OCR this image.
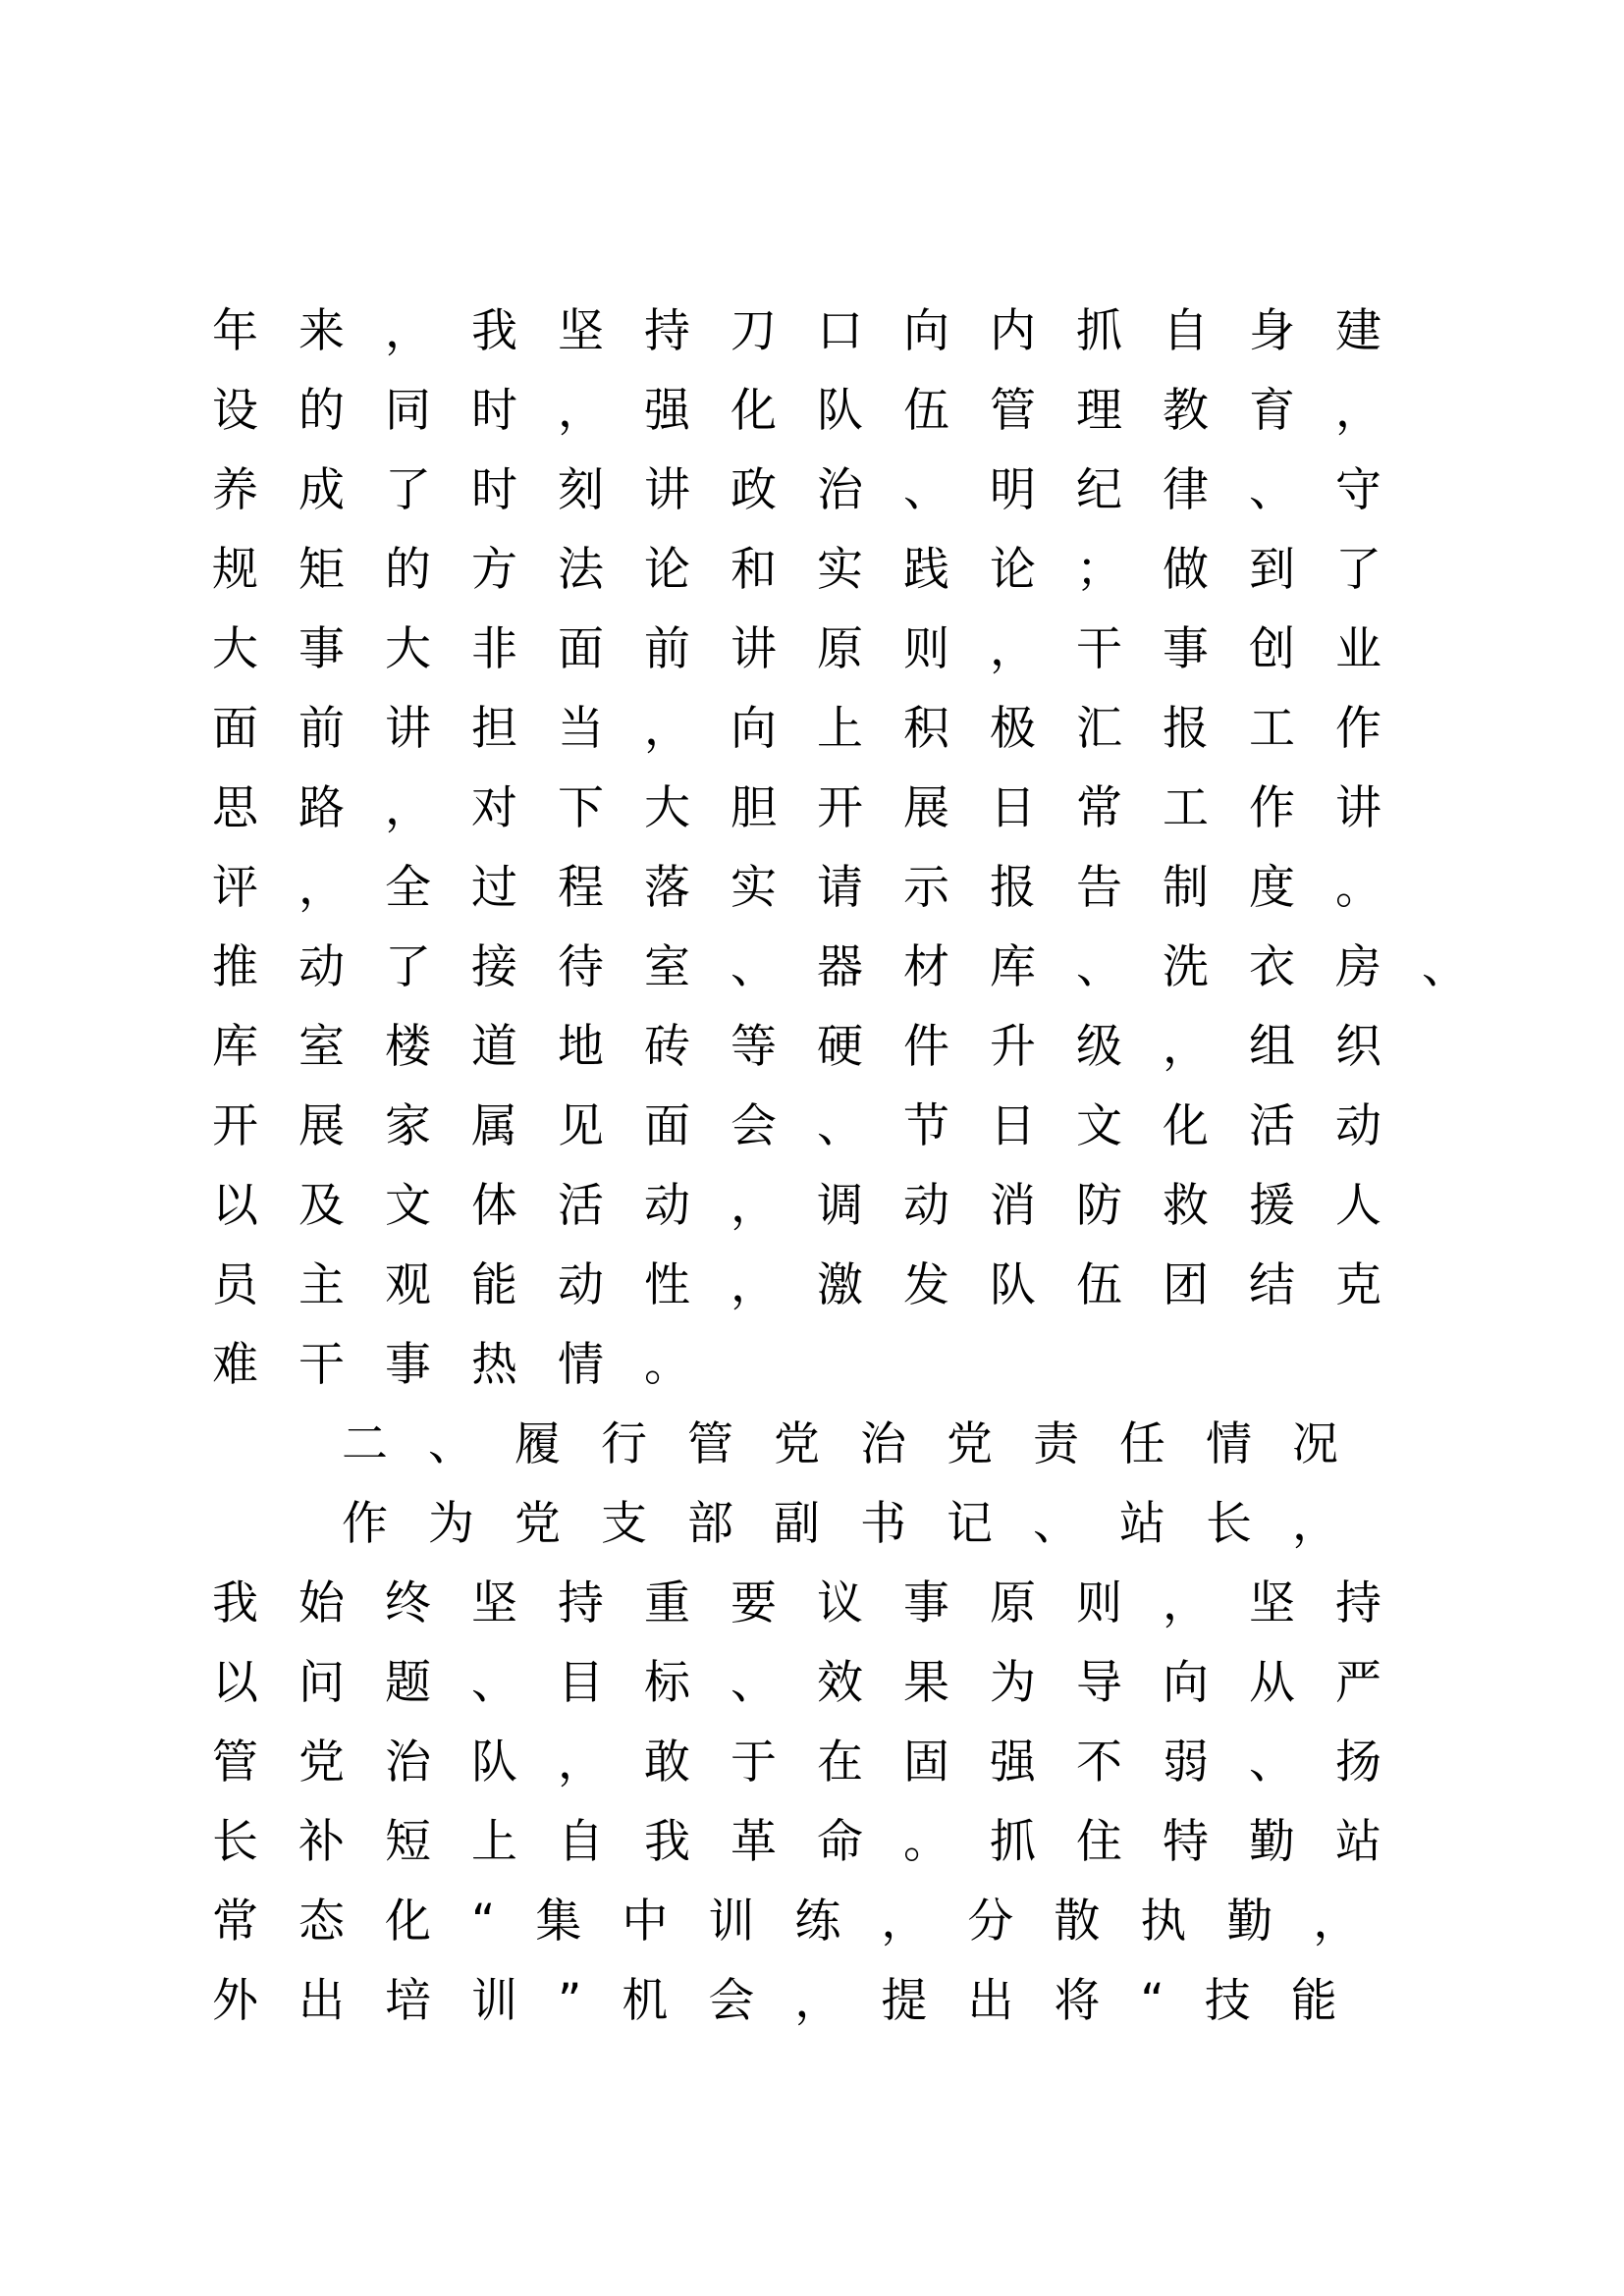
年来，我坚持刀口向内抓自身建
设的同时，强化队伍管理教育，
养成了时刻讲政治、明纪律、守
规矩的方法论和实践论；做到了
大事大非面前讲原则，干事创业
面前讲担当，向上积极汇报工作
思路，对下大胆开展日常工作讲
评，全过程落实请示报告制度。
推动了接待室、器材库、洗衣房、
库室楼道地砖等硬件升级，组织
开展家属见面会、节日文化活动
以及文体活动，调动消防救援人
员主观能动性，激发队伍团结克
难干事热情。
二、履行管党治党责任情况
作为党支部副书记、站长，
我始终坚持重要议事原则，坚持
以问题、目标、效果为导向从严
管党治队，敢于在固强不弱、扬
长补短上自我革命。抓住特勤站
常态化“集中训练，分散执勤，
外出培训”机会，提出将“技能
